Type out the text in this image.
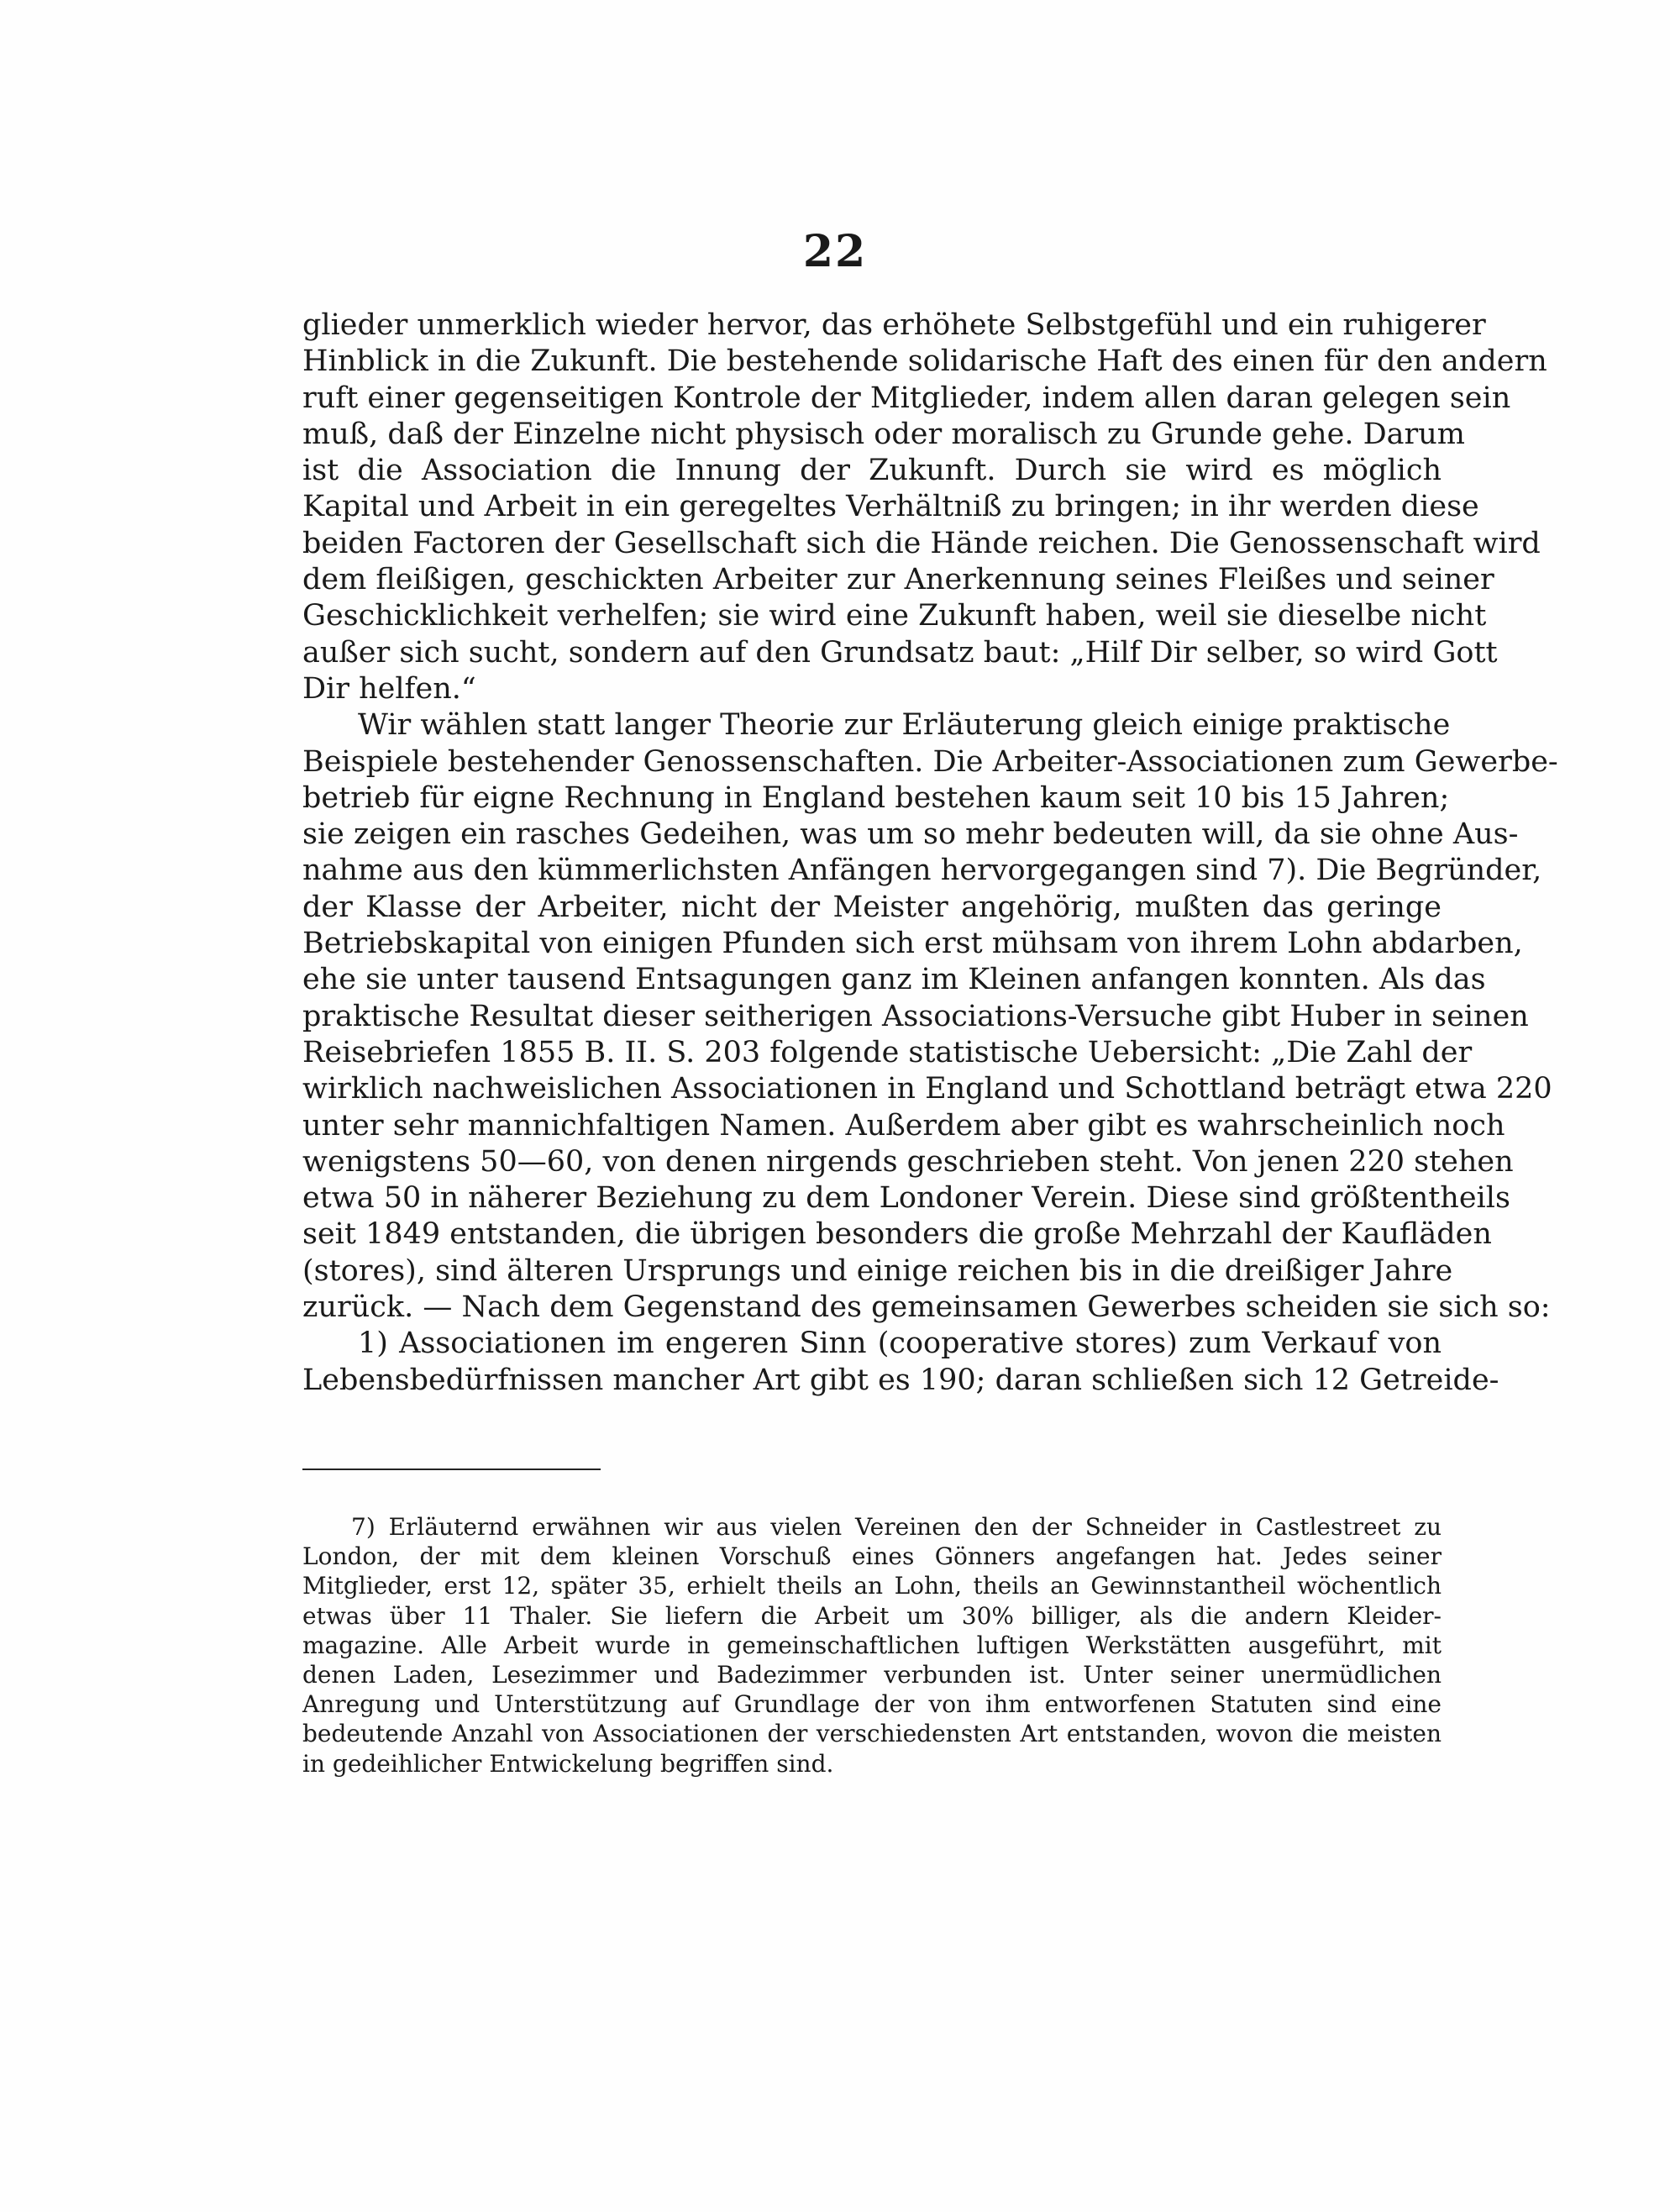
22
glieder unmerklich wieder hervor, das erhöhete Selbstgefühl und ein ruhigerer
Hinblick in die Zukunft. Die bestehende solidarische Haft des einen für den andern
ruft einer gegenseitigen Kontrole der Mitglieder, indem allen daran gelegen sein
muß, daß der Einzelne nicht physisch oder moralisch zu Grunde gehe. Darum
ist die Association die Innung der Zukunft. Durch sie wird es möglich
Kapital und Arbeit in ein geregeltes Verhältniß zu bringen; in ihr werden diese
beiden Factoren der Gesellschaft sich die Hände reichen. Die Genossenschaft wird
dem fleißigen, geschickten Arbeiter zur Anerkennung seines Fleißes und seiner
Geschicklichkeit verhelfen; sie wird eine Zukunft haben, weil sie dieselbe nicht
außer sich sucht, sondern auf den Grundsatz baut: „Hilf Dir selber, so wird Gott
Dir helfen.“
Wir wählen statt langer Theorie zur Erläuterung gleich einige praktische
Beispiele bestehender Genossenschaften. Die Arbeiter-Associationen zum Gewerbe-
betrieb für eigne Rechnung in England bestehen kaum seit 10 bis 15 Jahren;
sie zeigen ein rasches Gedeihen, was um so mehr bedeuten will, da sie ohne Aus-
nahme aus den kümmerlichsten Anfängen hervorgegangen sind 7). Die Begründer,
der Klasse der Arbeiter, nicht der Meister angehörig, mußten das geringe
Betriebskapital von einigen Pfunden sich erst mühsam von ihrem Lohn abdarben,
ehe sie unter tausend Entsagungen ganz im Kleinen anfangen konnten. Als das
praktische Resultat dieser seitherigen Associations-Versuche gibt Huber in seinen
Reisebriefen 1855 B. II. S. 203 folgende statistische Uebersicht: „Die Zahl der
wirklich nachweislichen Associationen in England und Schottland beträgt etwa 220
unter sehr mannichfaltigen Namen. Außerdem aber gibt es wahrscheinlich noch
wenigstens 50—60, von denen nirgends geschrieben steht. Von jenen 220 stehen
etwa 50 in näherer Beziehung zu dem Londoner Verein. Diese sind größtentheils
seit 1849 entstanden, die übrigen besonders die große Mehrzahl der Kaufläden
(stores), sind älteren Ursprungs und einige reichen bis in die dreißiger Jahre
zurück. — Nach dem Gegenstand des gemeinsamen Gewerbes scheiden sie sich so:
1) Associationen im engeren Sinn (cooperative stores) zum Verkauf von
Lebensbedürfnissen mancher Art gibt es 190; daran schließen sich 12 Getreide-
7) Erläuternd erwähnen wir aus vielen Vereinen den der Schneider in Castlestreet zu
London, der mit dem kleinen Vorschuß eines Gönners angefangen hat. Jedes seiner
Mitglieder, erst 12, später 35, erhielt theils an Lohn, theils an Gewinnstantheil wöchentlich
etwas über 11 Thaler. Sie liefern die Arbeit um 30% billiger, als die andern Kleider-
magazine. Alle Arbeit wurde in gemeinschaftlichen luftigen Werkstätten ausgeführt, mit
denen Laden, Lesezimmer und Badezimmer verbunden ist. Unter seiner unermüdlichen
Anregung und Unterstützung auf Grundlage der von ihm entworfenen Statuten sind eine
bedeutende Anzahl von Associationen der verschiedensten Art entstanden, wovon die meisten
in gedeihlicher Entwickelung begriffen sind.
